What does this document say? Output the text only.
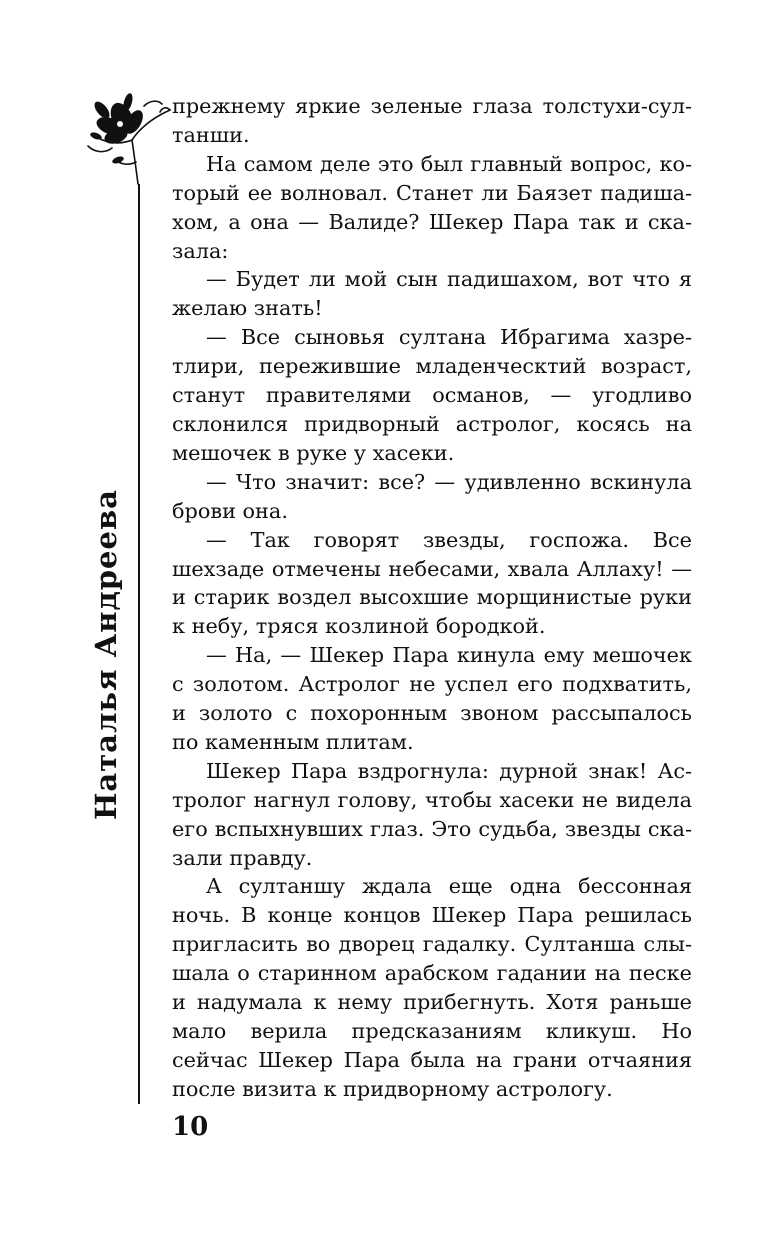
Наталья Андреева

прежнему яркие зеленые глаза толстухи-султанши.

На самом деле это был главный вопрос, который ее волновал. Станет ли Баязет падишахом, а она — Валиде? Шекер Пара так и сказала:

— Будет ли мой сын падишахом, вот что я желаю знать!

— Все сыновья султана Ибрагима хазретлири, пережившие младенческтий возраст, станут правителями османов, — угодливо склонился придворный астролог, косясь на мешочек в руке у хасеки.

— Что значит: все? — удивленно вскинула брови она.

— Так говорят звезды, госпожа. Все шехзаде отмечены небесами, хвала Аллаху! — и старик воздел высохшие морщинистые руки к небу, тряся козлиной бородкой.

— На, — Шекер Пара кинула ему мешочек с золотом. Астролог не успел его подхватить, и золото с похоронным звоном рассыпалось по каменным плитам.

Шекер Пара вздрогнула: дурной знак! Астролог нагнул голову, чтобы хасеки не видела его вспыхнувших глаз. Это судьба, звезды сказали правду.

А султаншу ждала еще одна бессонная ночь. В конце концов Шекер Пара решилась пригласить во дворец гадалку. Султанша слышала о старинном арабском гадании на песке и надумала к нему прибегнуть. Хотя раньше мало верила предсказаниям кликуш. Но сейчас Шекер Пара была на грани отчаяния после визита к придворному астрологу.

10
